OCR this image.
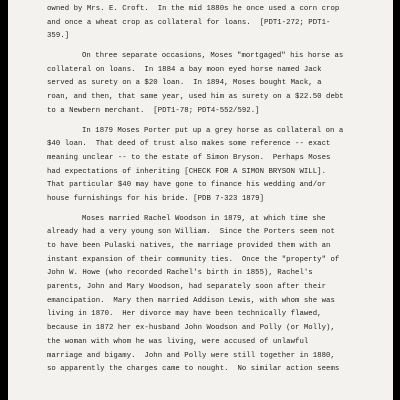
owned by Mrs. E. Croft.  In the mid 1880s he once used a corn crop
and once a wheat crop as collateral for loans.  [PDT1-272; PDT1-
359.]
On three separate occasions, Moses "mortgaged" his horse as
collateral on loans.  In 1884 a bay moon eyed horse named Jack
served as surety on a $20 loan.  In 1894, Moses bought Mack, a
roan, and then, that same year, used him as surety on a $22.50 debt
to a Newbern merchant.  [PDT1-78; PDT4-552/592.]
In 1879 Moses Porter put up a grey horse as collateral on a
$40 loan.  That deed of trust also makes some reference -- exact
meaning unclear -- to the estate of Simon Bryson.  Perhaps Moses
had expectations of inheriting [CHECK FOR A SIMON BRYSON WILL].
That particular $40 may have gone to finance his wedding and/or
house furnishings for his bride. [PDB 7-323 1879]
Moses married Rachel Woodson in 1879, at which time she
already had a very young son William.  Since the Porters seem not
to have been Pulaski natives, the marriage provided them with an
instant expansion of their community ties.  Once the "property" of
John W. Howe (who recorded Rachel's birth in 1855), Rachel's
parents, John and Mary Woodson, had separately soon after their
emancipation.  Mary then married Addison Lewis, with whom she was
living in 1870.  Her divorce may have been technically flawed,
because in 1872 her ex-husband John Woodson and Polly (or Molly),
the woman with whom he was living, were accused of unlawful
marriage and bigamy.  John and Polly were still together in 1880,
so apparently the charges came to nought.  No similar action seems
